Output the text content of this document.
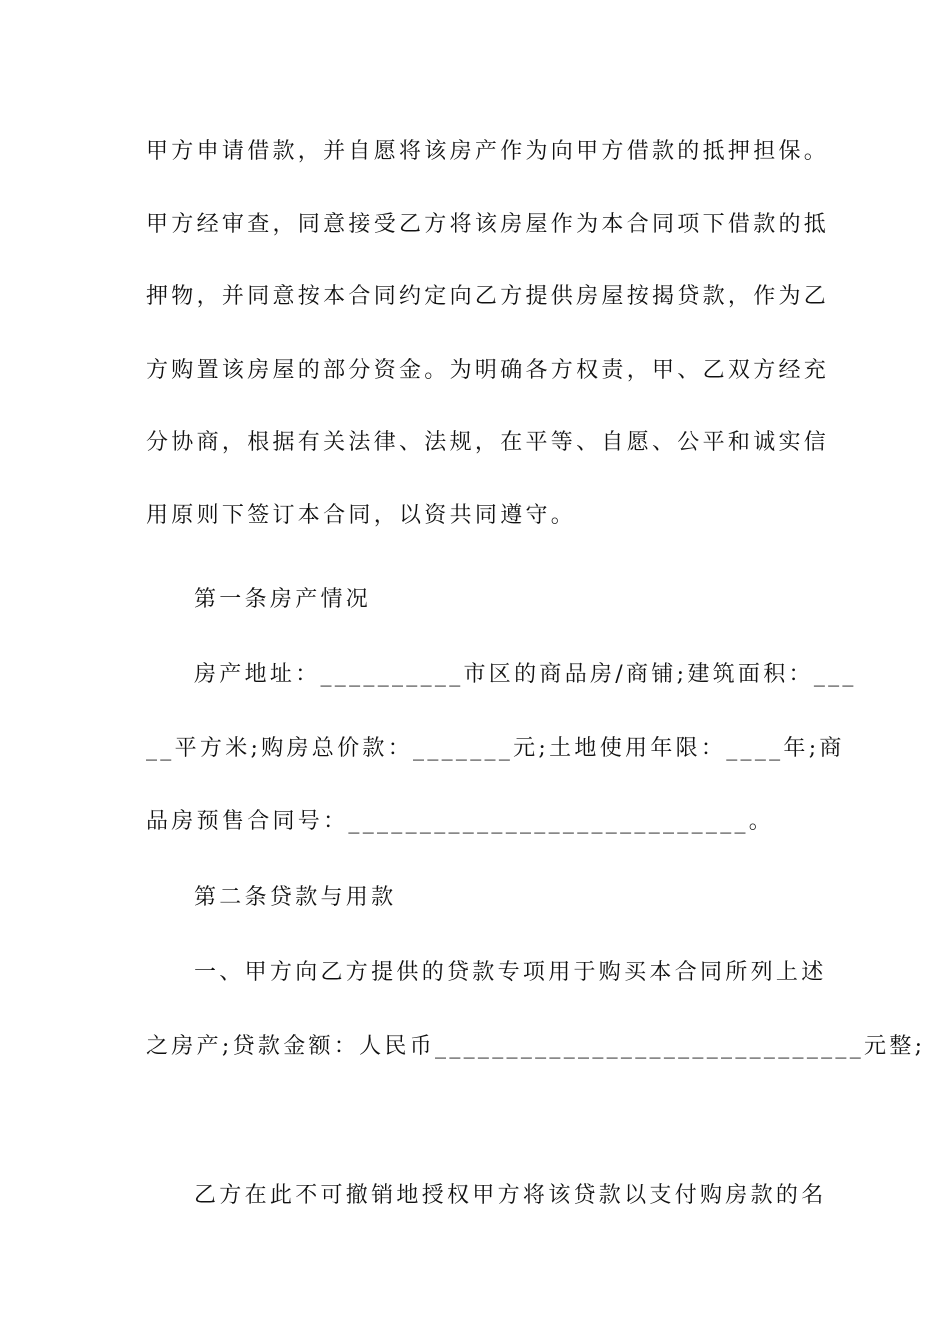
甲方申请借款，并自愿将该房产作为向甲方借款的抵押担保。
甲方经审查，同意接受乙方将该房屋作为本合同项下借款的抵
押物，并同意按本合同约定向乙方提供房屋按揭贷款，作为乙
方购置该房屋的部分资金。为明确各方权责，甲、乙双方经充
分协商，根据有关法律、法规，在平等、自愿、公平和诚实信
用原则下签订本合同，以资共同遵守。
第一条房产情况
房产地址：__________市区的商品房/商铺;建筑面积：___
__平方米;购房总价款：_______元;土地使用年限：____年;商
品房预售合同号：____________________________。
第二条贷款与用款
一、甲方向乙方提供的贷款专项用于购买本合同所列上述
之房产;贷款金额：人民币______________________________元整;
乙方在此不可撤销地授权甲方将该贷款以支付购房款的名
